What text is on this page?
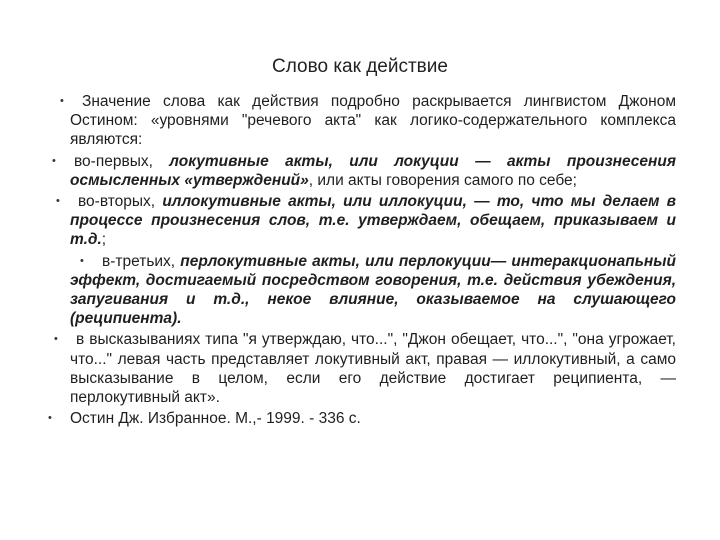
Слово как действие
• Значение слова как действия подробно раскрывается лингвистом Джоном Остином: «уровнями "речевого акта" как логико-содержательного комплекса являются:
• во-первых, локутивные акты, или локуции — акты произнесения осмысленных «утверждений», или акты говорения самого по себе;
• во-вторых, иллокутивные акты, или иллокуции, — то, что мы делаем в процессе произнесения слов, т.е. утверждаем, обещаем, приказываем и т.д.;
• в-третьих, перлокутивные акты, или перлокуции— интеракционапьный эффект, достигаемый посредством говорения, т.е. действия убеждения, запугивания и т.д., некое влияние, оказываемое на слушающего (реципиента).
• в высказываниях типа "я утверждаю, что...", "Джон обещает, что...", "она угрожает, что..." левая часть представляет локутивный акт, правая — иллокутивный, а само высказывание в целом, если его действие достигает реципиента, — перлокутивный акт».
• Остин Дж. Избранное. М.,- 1999. - 336 с.
